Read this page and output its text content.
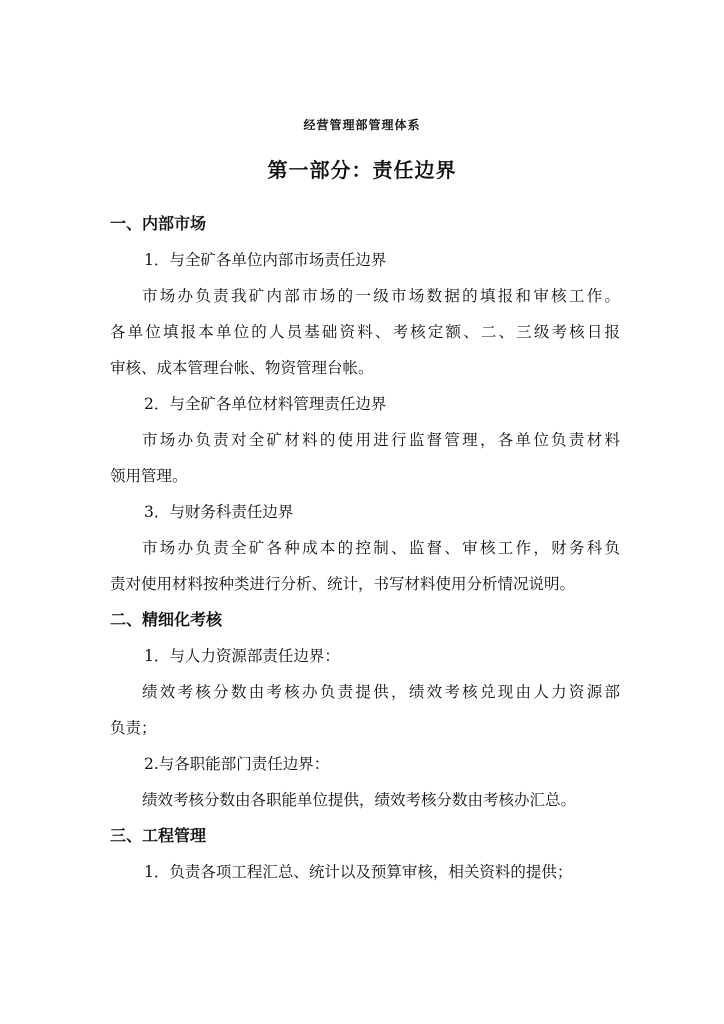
经营管理部管理体系
第一部分：责任边界

一、内部市场

1．与全矿各单位内部市场责任边界

市场办负责我矿内部市场的一级市场数据的填报和审核工作。

各单位填报本单位的人员基础资料、考核定额、二、三级考核日报

审核、成本管理台帐、物资管理台帐。

2．与全矿各单位材料管理责任边界

市场办负责对全矿材料的使用进行监督管理，各单位负责材料

领用管理。

3．与财务科责任边界

市场办负责全矿各种成本的控制、监督、审核工作，财务科负

责对使用材料按种类进行分析、统计，书写材料使用分析情况说明。

二、精细化考核

1．与人力资源部责任边界：

绩效考核分数由考核办负责提供，绩效考核兑现由人力资源部

负责；

2.与各职能部门责任边界：

绩效考核分数由各职能单位提供，绩效考核分数由考核办汇总。

三、工程管理

1．负责各项工程汇总、统计以及预算审核，相关资料的提供；
